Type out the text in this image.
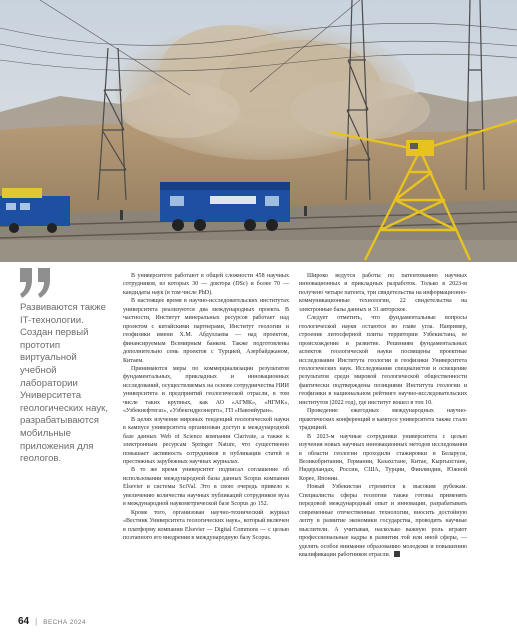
Развиваются также IT-технологии. Создан первый прототип виртуальной учебной лаборатории Университета геологических наук, разрабатываются мобильные приложения для геологов.

В университете работают в общей сложности 458 научных сотрудников, из которых 30 — доктора (DSc) и более 70 — кандидаты наук (в том числе PhD).

В настоящее время в научно-исследовательских институтах университета реализуются два международных проекта. В частности, Институт минеральных ресурсов работает над проектом с китайскими партнерами, Институт геологии и геофизики имени Х.М. Абдуллаева — над проектом, финансируемым Всемирным банком. Также подготовлены дополнительно семь проектов с Турцией, Азербайджаном, Китаем.

Принимаются меры по коммерциализации результатов фундаментальных, прикладных и инновационных исследований, осуществляемых на основе сотрудничества НИИ университета и предприятий геологической отрасли, в том числе таких крупных, как АО «АГМК», «НГМК», «Узбекнефтегаз», «Узбекгидроэнерго», ГП «Навоийуран».

В целях изучения мировых тенденций геологической науки в кампусе университета организован доступ к международной базе данных Web of Science компании Clarivate, а также к электронным ресурсам Springer Nature, что существенно повышает активность сотрудников в публикации статей в престижных зарубежных научных журналах.

В то же время университет подписал соглашение об использовании международной базы данных Scopus компании Elsevier и системы SciVal. Это в свою очередь привело к увеличению количества научных публикаций сотрудников вуза в международной наукометрической базе Scopus до 152.

Кроме того, организован научно-технический журнал «Вестник Университета геологических наук», который включен в платформу компании Elsevier — Digital Commons — с целью поэтапного его внедрения в международную базу Scopus.

Широко ведутся работы по патентованию научных инновационных и прикладных разработок. Только в 2023-м получено четыре патента, три свидетельства на информационно-коммуникационные технологии, 22 свидетельства на электронные базы данных и 31 авторское.

Следует отметить, что фундаментальные вопросы геологической науки остаются во главе угла. Например, строение литосферной плиты территории Узбекистана, ее происхождение и развитие. Решениям фундаментальных аспектов геологической науки посвящены проектные исследования Института геологии и геофизики Университета геологических наук. Исследования специалистов и освещение результатов среди мировой геологической общественности фактически подтверждены позициями Института геологии и геофизики в национальном рейтинге научно-исследовательских институтов (2022 год), где институт вошел в топ 10.

Проведение ежегодных международных научно-практических конференций в кампусе университета также стало традицией.

В 2023-м научные сотрудники университета с целью изучения новых научных инновационных методов исследования в области геологии проходили стажировки в Беларуси, Великобритании, Германии, Казахстане, Китае, Кыргызстане, Нидерландах, России, США, Турции, Финляндии, Южной Корее, Японии.

Новый Узбекистан стремится к высоким рубежам. Специалисты сферы геологии также готовы применять передовой международный опыт и инновации, разрабатывать современные отечественные технологии, вносить достойную лепту в развитие экономики государства, проводить научные мыслители. А учитывая, насколько важную роль играют профессиональные кадры в развитии той или иной сферы, — уделять особое внимание образованию молодежи и повышению квалификации работников отрасли.

64 | ВЕСНА 2024
